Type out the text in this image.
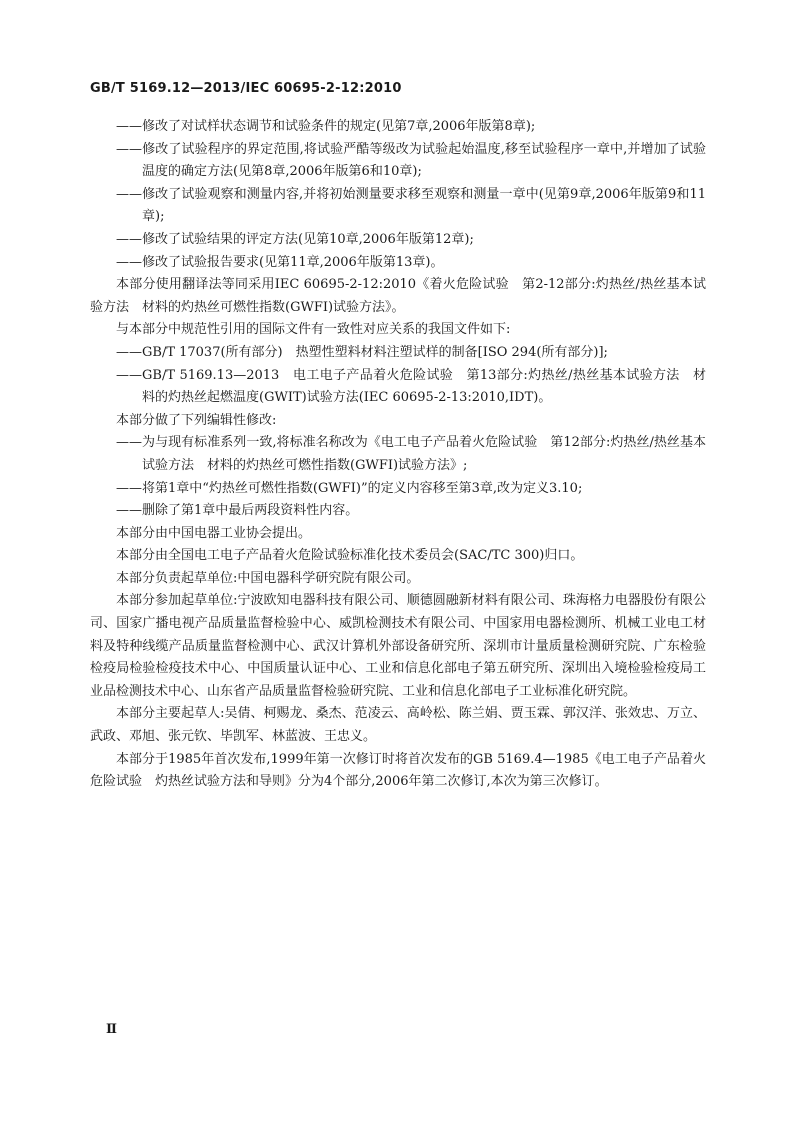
GB/T 5169.12—2013/IEC 60695-2-12:2010

——修改了对试样状态调节和试验条件的规定(见第7章,2006年版第8章);

——修改了试验程序的界定范围,将试验严酷等级改为试验起始温度,移至试验程序一章中,并增加了试验温度的确定方法(见第8章,2006年版第6和10章);

——修改了试验观察和测量内容,并将初始测量要求移至观察和测量一章中(见第9章,2006年版第9和11章);

——修改了试验结果的评定方法(见第10章,2006年版第12章);

——修改了试验报告要求(见第11章,2006年版第13章)。

本部分使用翻译法等同采用IEC 60695-2-12:2010《着火危险试验　第2-12部分:灼热丝/热丝基本试验方法　材料的灼热丝可燃性指数(GWFI)试验方法》。

与本部分中规范性引用的国际文件有一致性对应关系的我国文件如下:

——GB/T 17037(所有部分)　热塑性塑料材料注塑试样的制备[ISO 294(所有部分)];

——GB/T 5169.13—2013　电工电子产品着火危险试验　第13部分:灼热丝/热丝基本试验方法　材料的灼热丝起燃温度(GWIT)试验方法(IEC 60695-2-13:2010,IDT)。

本部分做了下列编辑性修改:

——为与现有标准系列一致,将标准名称改为《电工电子产品着火危险试验　第12部分:灼热丝/热丝基本试验方法　材料的灼热丝可燃性指数(GWFI)试验方法》;

——将第1章中“灼热丝可燃性指数(GWFI)”的定义内容移至第3章,改为定义3.10;

——删除了第1章中最后两段资料性内容。

本部分由中国电器工业协会提出。

本部分由全国电工电子产品着火危险试验标准化技术委员会(SAC/TC 300)归口。

本部分负责起草单位:中国电器科学研究院有限公司。

本部分参加起草单位:宁波欧知电器科技有限公司、顺德圆融新材料有限公司、珠海格力电器股份有限公司、国家广播电视产品质量监督检验中心、威凯检测技术有限公司、中国家用电器检测所、机械工业电工材料及特种线缆产品质量监督检测中心、武汉计算机外部设备研究所、深圳市计量质量检测研究院、广东检验检疫局检验检疫技术中心、中国质量认证中心、工业和信息化部电子第五研究所、深圳出入境检验检疫局工业品检测技术中心、山东省产品质量监督检验研究院、工业和信息化部电子工业标准化研究院。

本部分主要起草人:吴倩、柯赐龙、桑杰、范凌云、高岭松、陈兰娟、贾玉霖、郭汉洋、张效忠、万立、武政、邓旭、张元钦、毕凯军、林蓝波、王忠义。

本部分于1985年首次发布,1999年第一次修订时将首次发布的GB 5169.4—1985《电工电子产品着火危险试验　灼热丝试验方法和导则》分为4个部分,2006年第二次修订,本次为第三次修订。

Ⅱ
